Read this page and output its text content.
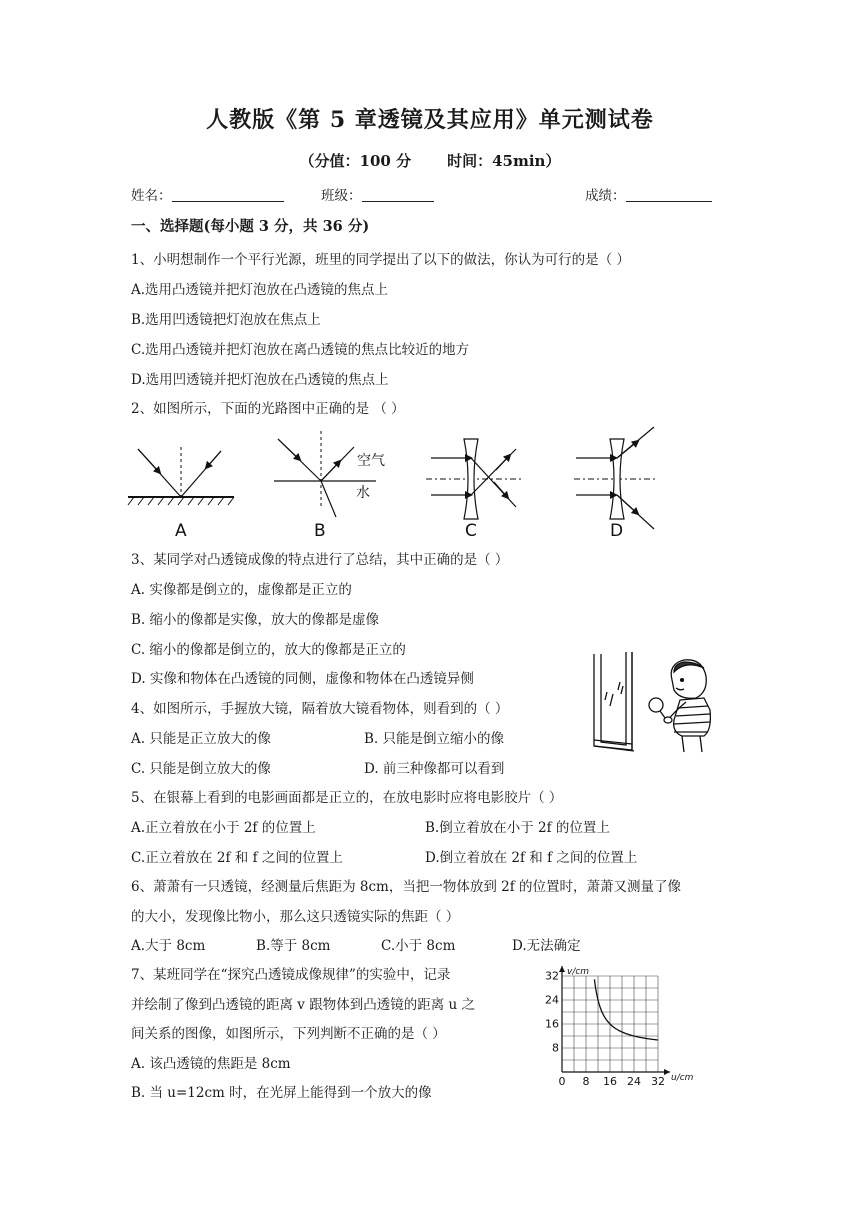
人教版《第 5 章透镜及其应用》单元测试卷
（分值：100 分 时间：45min）
姓名：	班级：	成绩：
一、选择题(每小题 3 分，共 36 分)
1、小明想制作一个平行光源，班里的同学提出了以下的做法，你认为可行的是（ ）
A.选用凸透镜并把灯泡放在凸透镜的焦点上
B.选用凹透镜把灯泡放在焦点上
C.选用凸透镜并把灯泡放在离凸透镜的焦点比较近的地方
D.选用凹透镜并把灯泡放在凸透镜的焦点上
2、如图所示，下面的光路图中正确的是 （ ）
空气
水
A	B	C	D
3、某同学对凸透镜成像的特点进行了总结，其中正确的是（ ）
A. 实像都是倒立的，虚像都是正立的
B. 缩小的像都是实像，放大的像都是虚像
C. 缩小的像都是倒立的，放大的像都是正立的
D. 实像和物体在凸透镜的同侧，虚像和物体在凸透镜异侧
4、如图所示，手握放大镜，隔着放大镜看物体，则看到的（ ）
A. 只能是正立放大的像	B. 只能是倒立缩小的像
C. 只能是倒立放大的像	D. 前三种像都可以看到
5、在银幕上看到的电影画面都是正立的，在放电影时应将电影胶片（ ）
A.正立着放在小于 2f 的位置上	B.倒立着放在小于 2f 的位置上
C.正立着放在 2f 和 f 之间的位置上	D.倒立着放在 2f 和 f 之间的位置上
6、萧萧有一只透镜，经测量后焦距为 8cm，当把一物体放到 2f 的位置时，萧萧又测量了像
的大小，发现像比物小，那么这只透镜实际的焦距（ ）
A.大于 8cm	B.等于 8cm	C.小于 8cm	D.无法确定
7、某班同学在“探究凸透镜成像规律”的实验中，记录
并绘制了像到凸透镜的距离 v 跟物体到凸透镜的距离 u 之
间关系的图像，如图所示，下列判断不正确的是（ ）
A. 该凸透镜的焦距是 8cm
B. 当 u=12cm 时，在光屏上能得到一个放大的像
32
24
16
8
0 8 16 24 32
v/cm
u/cm
